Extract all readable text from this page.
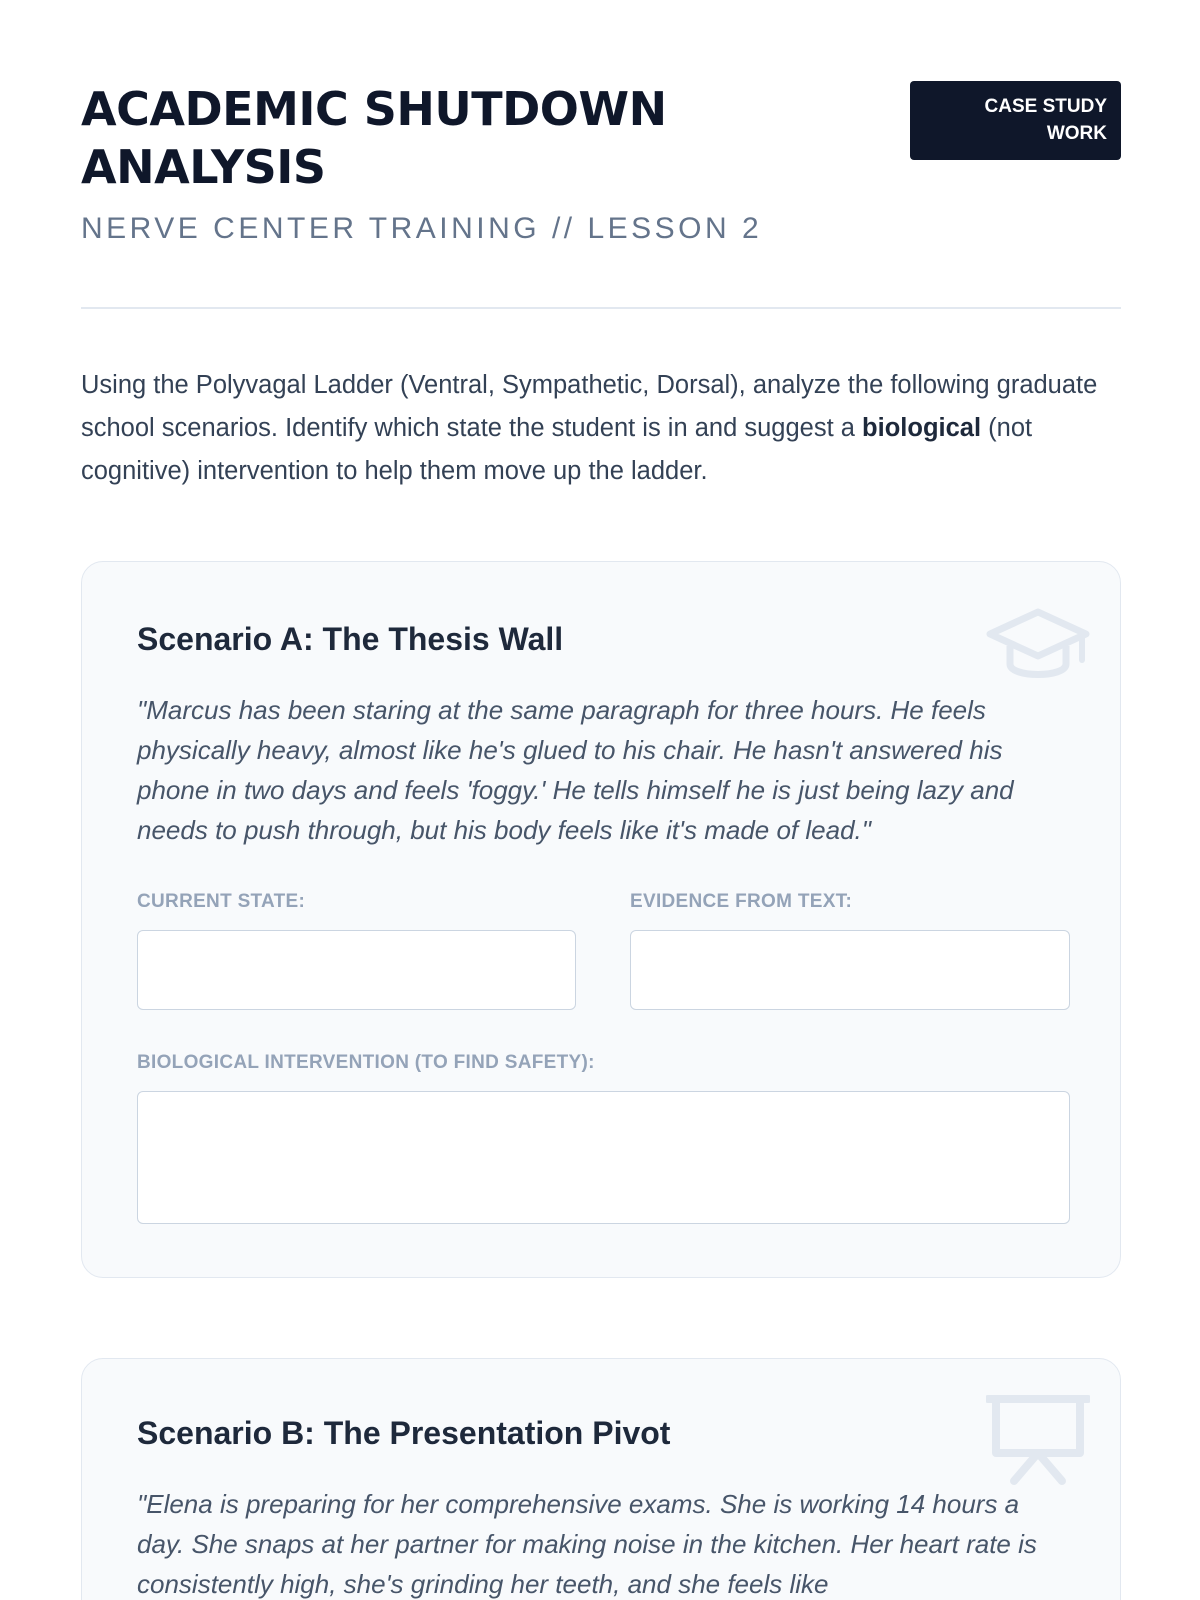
ACADEMIC SHUTDOWN ANALYSIS
NERVE CENTER TRAINING // LESSON 2
CASE STUDY
WORK

Using the Polyvagal Ladder (Ventral, Sympathetic, Dorsal), analyze the following graduate school scenarios. Identify which state the student is in and suggest a biological (not cognitive) intervention to help them move up the ladder.

Scenario A: The Thesis Wall

"Marcus has been staring at the same paragraph for three hours. He feels physically heavy, almost like he's glued to his chair. He hasn't answered his phone in two days and feels 'foggy.' He tells himself he is just being lazy and needs to push through, but his body feels like it's made of lead."

CURRENT STATE:	EVIDENCE FROM TEXT:
BIOLOGICAL INTERVENTION (TO FIND SAFETY):
Scenario B: The Presentation Pivot

"Elena is preparing for her comprehensive exams. She is working 14 hours a day. She snaps at her partner for making noise in the kitchen. Her heart rate is consistently high, she's grinding her teeth, and she feels like
